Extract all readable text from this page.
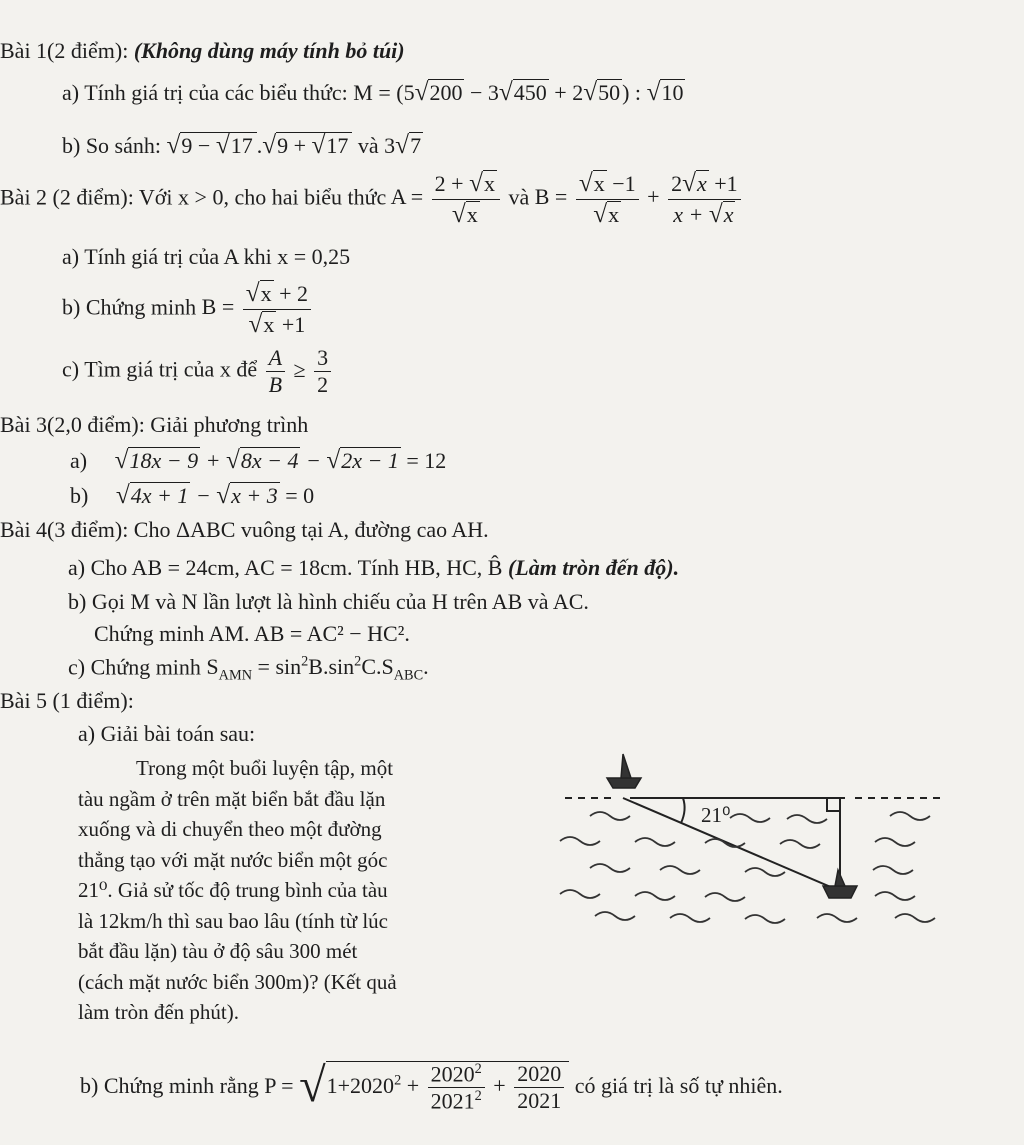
Bài 1(2 điểm): (Không dùng máy tính bỏ túi)
a) Tính giá trị của các biểu thức: M = (5√200 − 3√450 + 2√50) : √10
b) So sánh: √9 − √17 .√9 + √17 và 3√7
Bài 2 (2 điểm): Với x > 0, cho hai biểu thức $A = \frac{2 + √x}{√x}$ và $B = \frac{√x -1}{√x} + \frac{2√x +1}{x + √x}$
a) Tính giá trị của A khi x = 0,25
b) Chứng minh $B = \frac{√x + 2}{√x +1}$
c) Tìm giá trị của x để $\frac{A}{B} \ge \frac{3}{2}$
Bài 3(2,0 điểm): Giải phương trình
a) √18x − 9 + √8x − 4 − √2x − 1 = 12
b) √4x + 1 − √x + 3 = 0
Bài 4(3 điểm): Cho ΔABC vuông tại A, đường cao AH.
a) Cho AB = 24cm, AC = 18cm. Tính HB, HC, B̂ (Làm tròn đến độ).
b) Gọi M và N lần lượt là hình chiếu của H trên AB và AC.
Chứng minh AM. AB = AC² − HC².
c) Chứng minh $S_{AMN} = \sin^2B.\sin^2C.S_{ABC}$.
Bài 5 (1 điểm):
a) Giải bài toán sau:
Trong một buổi luyện tập, một
tàu ngầm ở trên mặt biển bắt đầu lặn
xuống và di chuyển theo một đường
thẳng tạo với mặt nước biển một góc
21⁰. Giả sử tốc độ trung bình của tàu
là 12km/h thì sau bao lâu (tính từ lúc
bắt đầu lặn) tàu ở độ sâu 300 mét
(cách mặt nước biển 300m)? (Kết quả
làm tròn đến phút).
21⁰
b) Chứng minh rằng $P = √1+2020^2 + \frac{2020^2}{2021^2} + \frac{2020}{2021}$ có giá trị là số tự nhiên.
